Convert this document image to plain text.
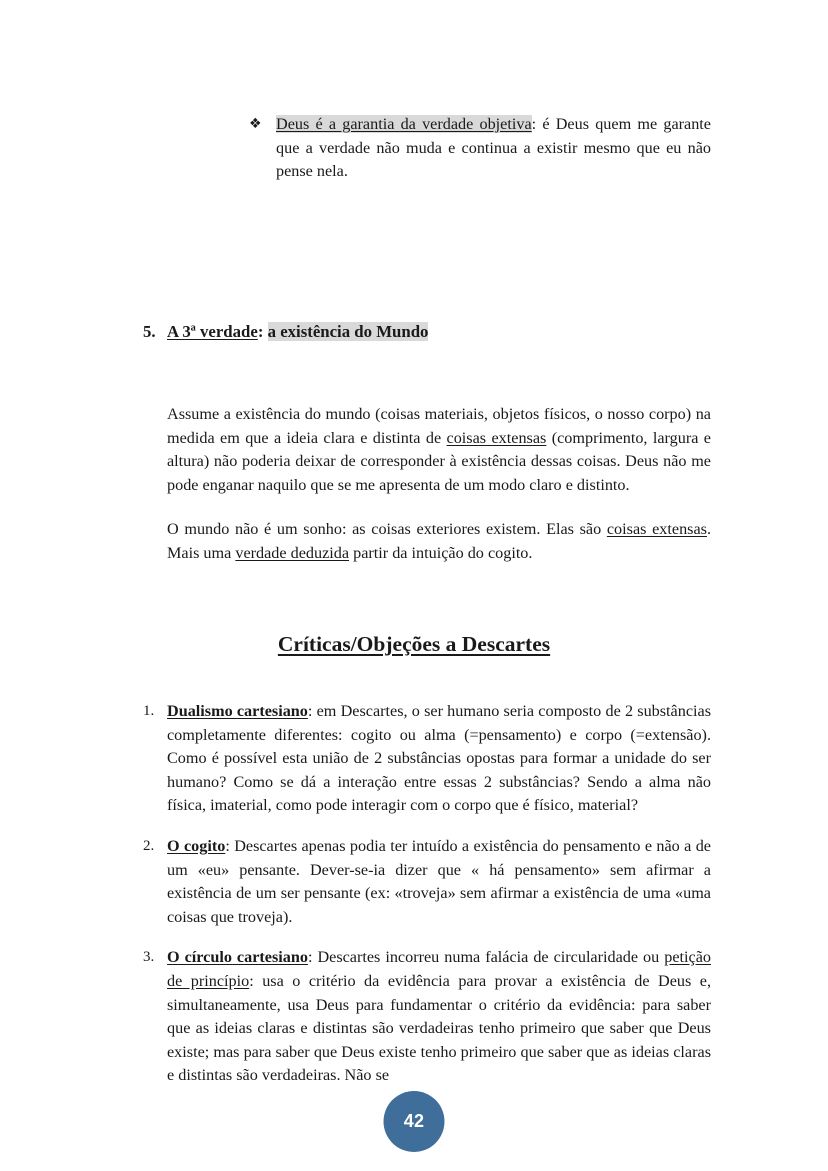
❖ Deus é a garantia da verdade objetiva: é Deus quem me garante que a verdade não muda e continua a existir mesmo que eu não pense nela.
5. A 3ª verdade: a existência do Mundo
Assume a existência do mundo (coisas materiais, objetos físicos, o nosso corpo) na medida em que a ideia clara e distinta de coisas extensas (comprimento, largura e altura) não poderia deixar de corresponder à existência dessas coisas. Deus não me pode enganar naquilo que se me apresenta de um modo claro e distinto.
O mundo não é um sonho: as coisas exteriores existem. Elas são coisas extensas. Mais uma verdade deduzida partir da intuição do cogito.
Críticas/Objeções a Descartes
1. Dualismo cartesiano: em Descartes, o ser humano seria composto de 2 substâncias completamente diferentes: cogito ou alma (=pensamento) e corpo (=extensão). Como é possível esta união de 2 substâncias opostas para formar a unidade do ser humano? Como se dá a interação entre essas 2 substâncias? Sendo a alma não física, imaterial, como pode interagir com o corpo que é físico, material?
2. O cogito: Descartes apenas podia ter intuído a existência do pensamento e não a de um «eu» pensante. Dever-se-ia dizer que « há pensamento» sem afirmar a existência de um ser pensante (ex: «troveja» sem afirmar a existência de uma «uma coisas que troveja).
3. O círculo cartesiano: Descartes incorreu numa falácia de circularidade ou petição de princípio: usa o critério da evidência para provar a existência de Deus e, simultaneamente, usa Deus para fundamentar o critério da evidência: para saber que as ideias claras e distintas são verdadeiras tenho primeiro que saber que Deus existe; mas para saber que Deus existe tenho primeiro que saber que as ideias claras e distintas são verdadeiras. Não se
42
